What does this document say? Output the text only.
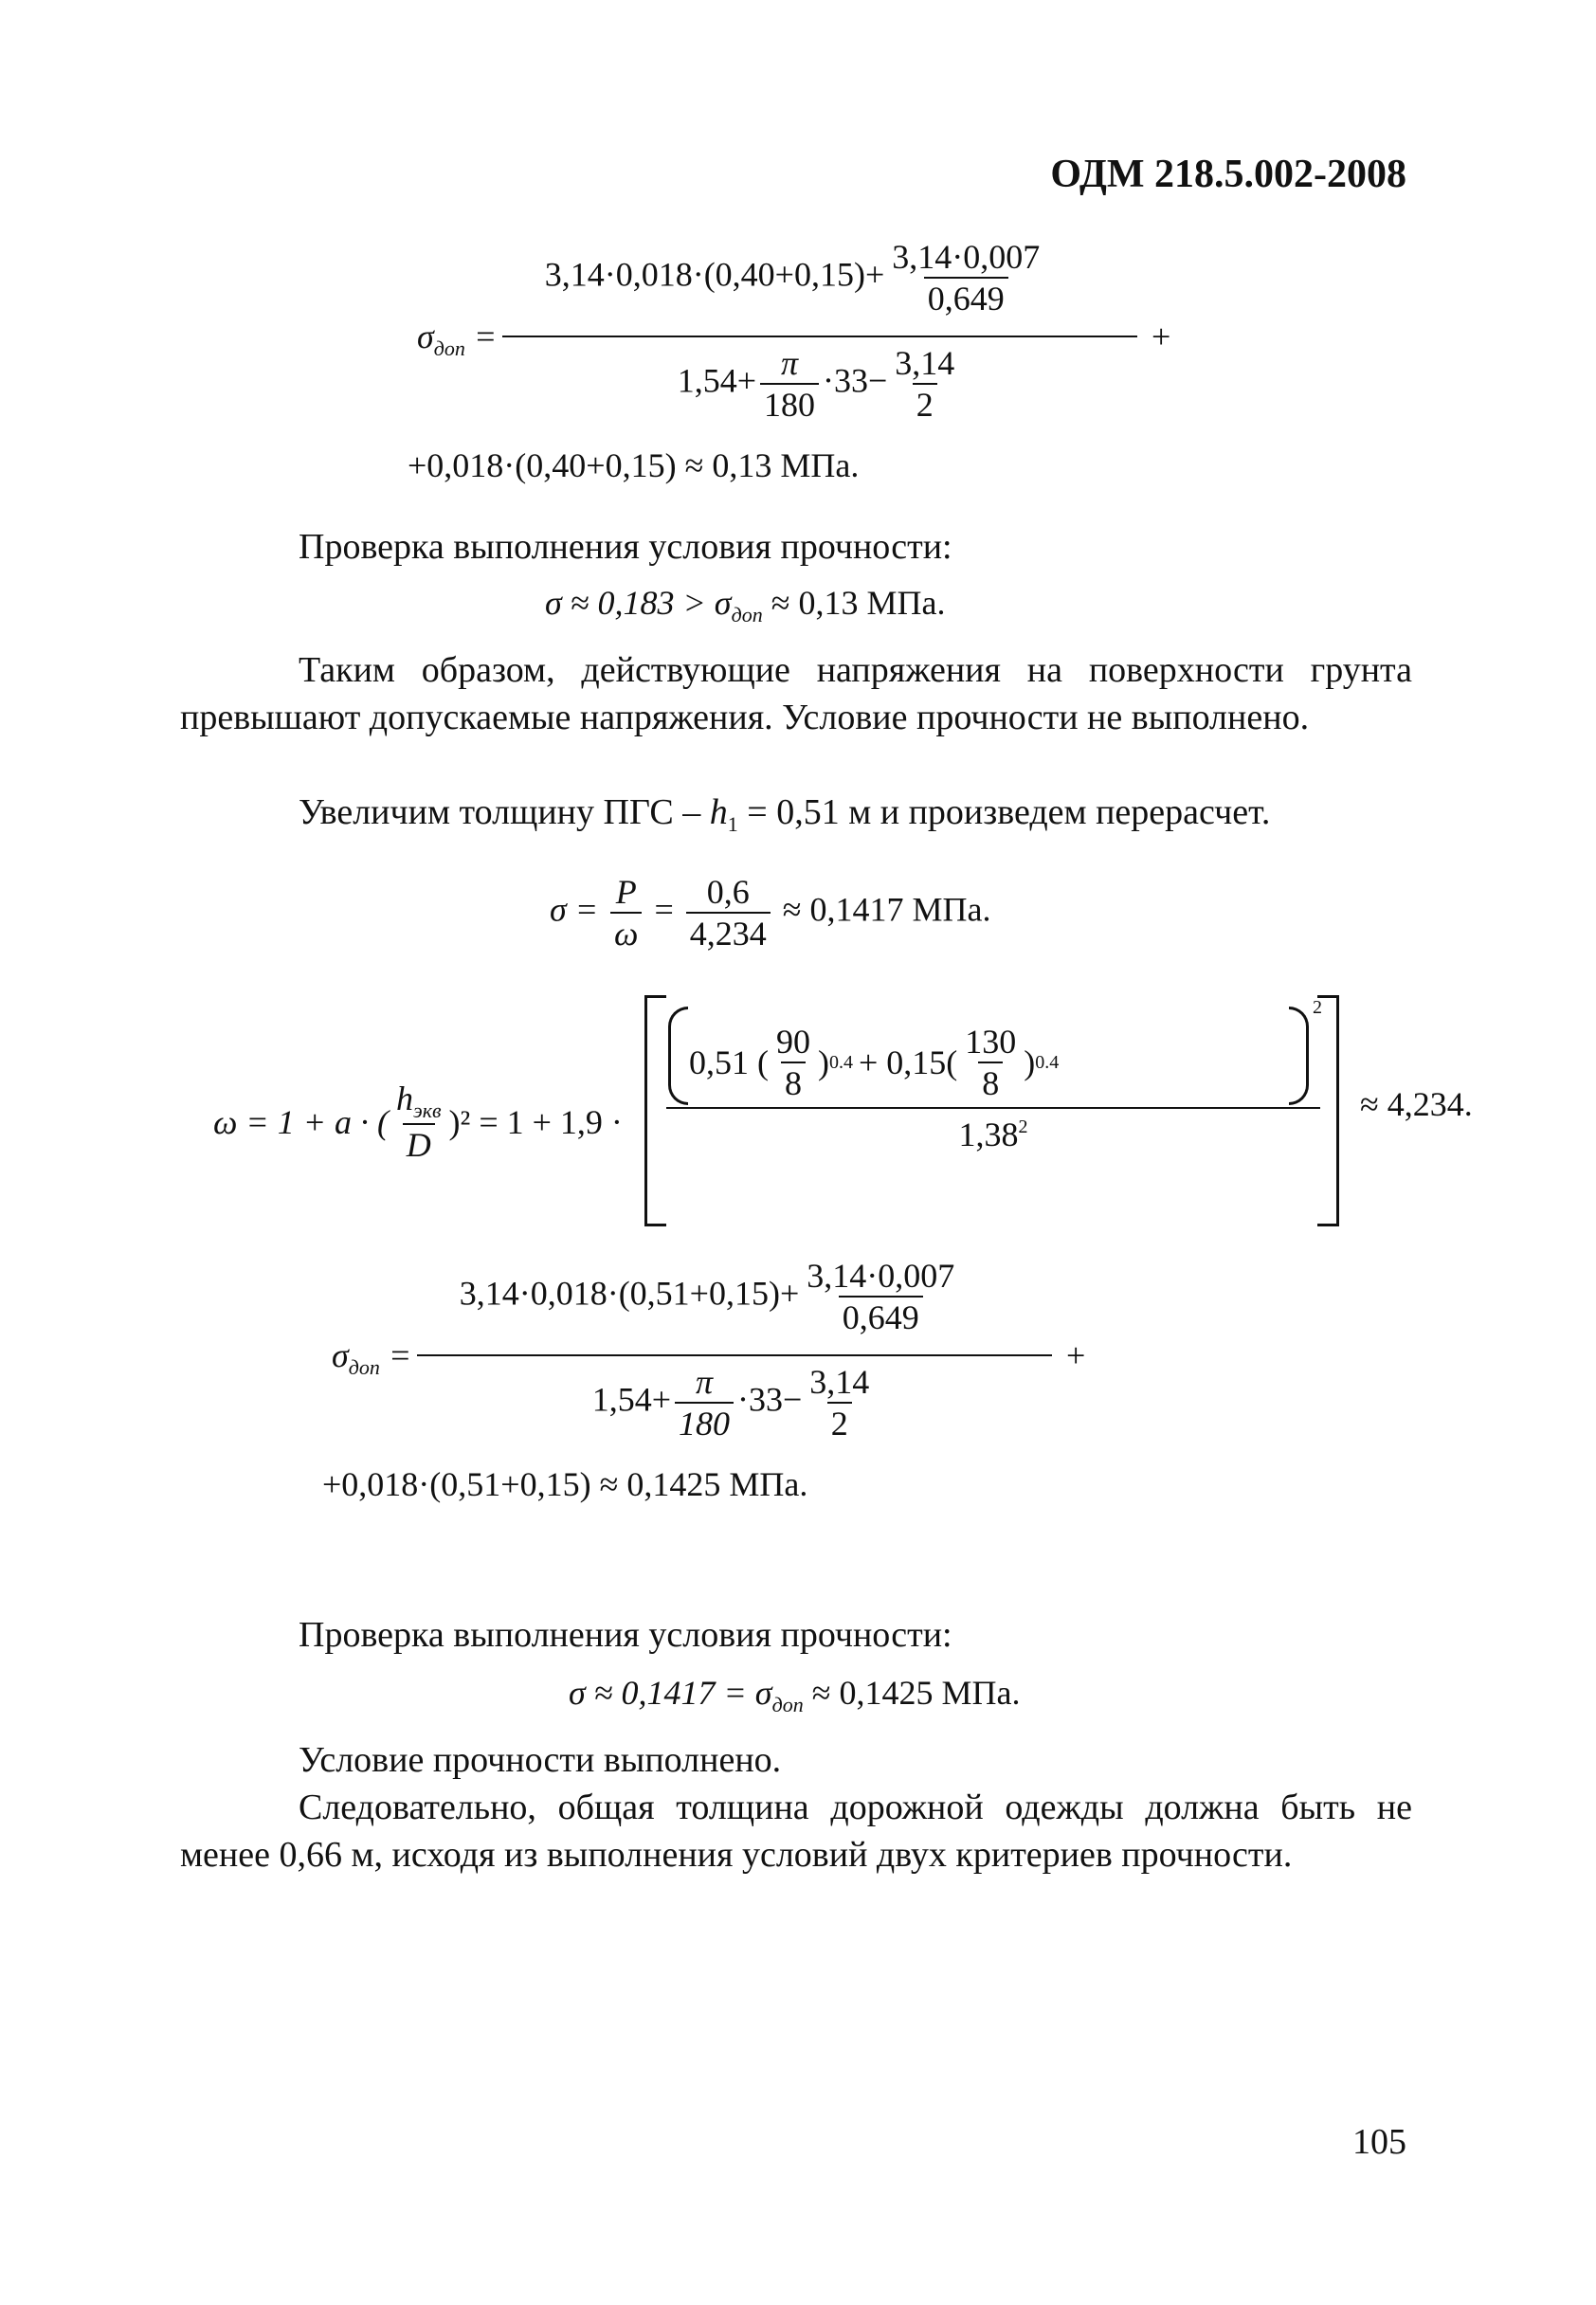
ОДМ 218.5.002-2008
$\sigma_{доп}$ =
$3,14\cdot 0,018\cdot(0,40+0,15)+ \frac{3,14\cdot 0,007}{0,649}$
+
$1,54+ \frac{\pi}{180} \cdot 33- \frac{3,14}{2}$
+0,018·(0,40+0,15) ≈ 0,13 МПа.
Проверка выполнения условия прочности:
$\sigma \approx 0,183 > \sigma_{доп} \approx 0,13$ МПа.
Таким образом, действующие напряжения на поверхности грунта превышают допускаемые напряжения. Условие прочности не выполнено.
Увеличим толщину ПГС – $h_1 = 0,51$ м и произведем перерасчет.
$\sigma = \frac{P}{\omega} = \frac{0,6}{4,234} \approx 0,1417$ МПа.
ω = 1 + a · ( $\frac{h_{экв}}{D} )^2 = 1 + 1,9$ ·
0,51 ( $\frac{90}{8}$ ) $0.4 + 0,15( \frac{130}{8}$ ) 0.4
2
$1,38^2$
≈ 4,234.
$\sigma_{доп}$ =
$3,14\cdot 0,018\cdot(0,51+0,15)+ \frac{3,14\cdot 0,007}{0,649}$
+
$1,54+ \frac{\pi}{180} \cdot 33- \frac{3,14}{2}$
+0,018·(0,51+0,15) ≈ 0,1425 МПа.
Проверка выполнения условия прочности:
$\sigma \approx 0,1417 = \sigma_{доп} \approx 0,1425$ МПа.
Условие прочности выполнено.
Следовательно, общая толщина дорожной одежды должна быть не менее 0,66 м, исходя из выполнения условий двух критериев прочности.
105
